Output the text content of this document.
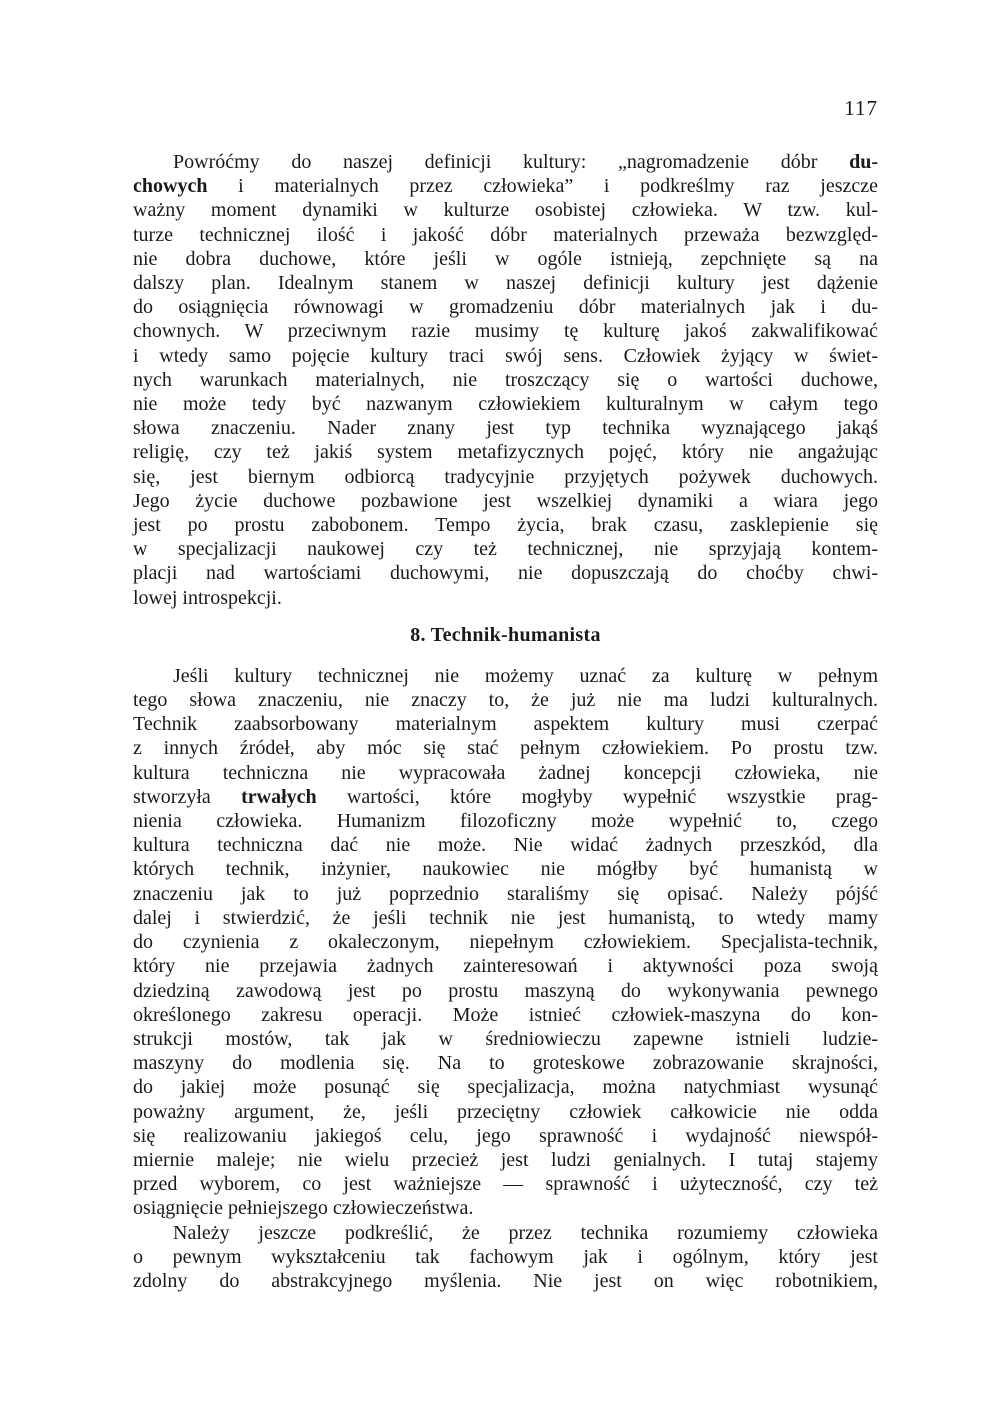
117
Powróćmy do naszej definicji kultury: „nagromadzenie dóbr du-
chowych i materialnych przez człowieka” i podkreślmy raz jeszcze
ważny moment dynamiki w kulturze osobistej człowieka. W tzw. kul-
turze technicznej ilość i jakość dóbr materialnych przeważa bezwzględ-
nie dobra duchowe, które jeśli w ogóle istnieją, zepchnięte są na
dalszy plan. Idealnym stanem w naszej definicji kultury jest dążenie
do osiągnięcia równowagi w gromadzeniu dóbr materialnych jak i du-
chownych. W przeciwnym razie musimy tę kulturę jakoś zakwalifikować
i wtedy samo pojęcie kultury traci swój sens. Człowiek żyjący w świet-
nych warunkach materialnych, nie troszczący się o wartości duchowe,
nie może tedy być nazwanym człowiekiem kulturalnym w całym tego
słowa znaczeniu. Nader znany jest typ technika wyznającego jakąś
religię, czy też jakiś system metafizycznych pojęć, który nie angażując
się, jest biernym odbiorcą tradycyjnie przyjętych pożywek duchowych.
Jego życie duchowe pozbawione jest wszelkiej dynamiki a wiara jego
jest po prostu zabobonem. Tempo życia, brak czasu, zasklepienie się
w specjalizacji naukowej czy też technicznej, nie sprzyjają kontem-
placji nad wartościami duchowymi, nie dopuszczają do choćby chwi-
lowej introspekcji.
8. Technik-humanista
Jeśli kultury technicznej nie możemy uznać za kulturę w pełnym
tego słowa znaczeniu, nie znaczy to, że już nie ma ludzi kulturalnych.
Technik zaabsorbowany materialnym aspektem kultury musi czerpać
z innych źródeł, aby móc się stać pełnym człowiekiem. Po prostu tzw.
kultura techniczna nie wypracowała żadnej koncepcji człowieka, nie
stworzyła trwałych wartości, które mogłyby wypełnić wszystkie prag-
nienia człowieka. Humanizm filozoficzny może wypełnić to, czego
kultura techniczna dać nie może. Nie widać żadnych przeszkód, dla
których technik, inżynier, naukowiec nie mógłby być humanistą w
znaczeniu jak to już poprzednio staraliśmy się opisać. Należy pójść
dalej i stwierdzić, że jeśli technik nie jest humanistą, to wtedy mamy
do czynienia z okaleczonym, niepełnym człowiekiem. Specjalista-technik,
który nie przejawia żadnych zainteresowań i aktywności poza swoją
dziedziną zawodową jest po prostu maszyną do wykonywania pewnego
określonego zakresu operacji. Może istnieć człowiek-maszyna do kon-
strukcji mostów, tak jak w średniowieczu zapewne istnieli ludzie-
maszyny do modlenia się. Na to groteskowe zobrazowanie skrajności,
do jakiej może posunąć się specjalizacja, można natychmiast wysunąć
poważny argument, że, jeśli przeciętny człowiek całkowicie nie odda
się realizowaniu jakiegoś celu, jego sprawność i wydajność niewspół-
miernie maleje; nie wielu przecież jest ludzi genialnych. I tutaj stajemy
przed wyborem, co jest ważniejsze — sprawność i użyteczność, czy też
osiągnięcie pełniejszego człowieczeństwa.
Należy jeszcze podkreślić, że przez technika rozumiemy człowieka
o pewnym wykształceniu tak fachowym jak i ogólnym, który jest
zdolny do abstrakcyjnego myślenia. Nie jest on więc robotnikiem,
